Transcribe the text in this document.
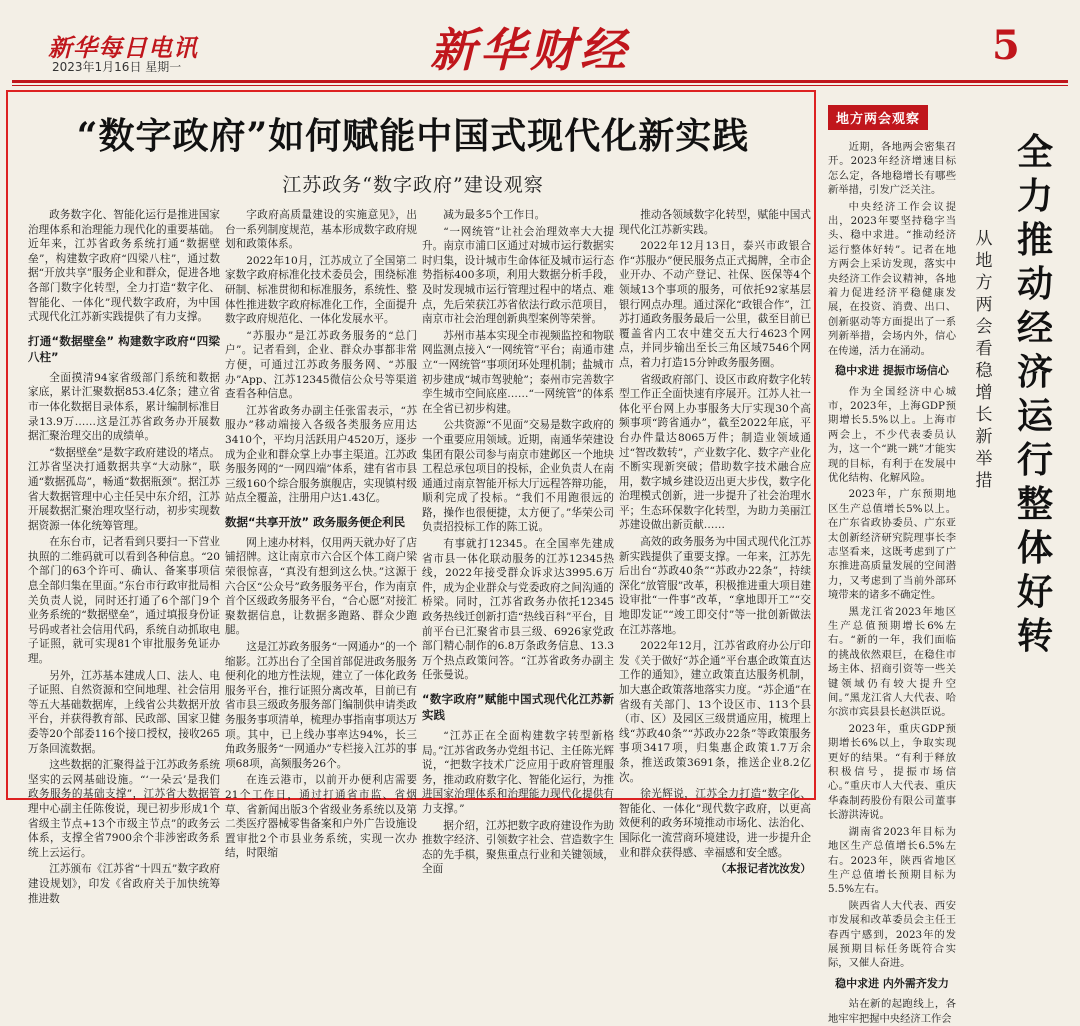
新华每日电讯
2023年1月16日 星期一	新华财经	5
“数字政府”如何赋能中国式现代化新实践
江苏政务“数字政府”建设观察

政务数字化、智能化运行是推进国家治理体系和治理能力现代化的重要基础。近年来，江苏省政务系统打通“数据壁垒”，构建数字政府“四梁八柱”，通过数据“开放共享”服务企业和群众，促进各地各部门数字化转型，全力打造“数字化、智能化、一体化”现代数字政府，为中国式现代化江苏新实践提供了有力支撑。

打通“数据壁垒” 构建数字政府“四梁八柱”

全面摸清94家省级部门系统和数据家底，累计汇聚数据853.4亿条；建立省市一体化数据目录体系，累计编制标准目录13.9万……这是江苏省政务办开展数据汇聚治理交出的成绩单。

“数据壁垒”是数字政府建设的堵点。江苏省坚决打通数据共享“大动脉”，联通“数据孤岛”，畅通“数据瓶颈”。据江苏省大数据管理中心主任吴中东介绍，江苏开展数据汇聚治理攻坚行动，初步实现数据资源一体化统筹管理。

在东台市，记者看到只要扫一下营业执照的二维码就可以看到各种信息。“20个部门的63个许可、确认、备案事项信息全部归集在里面。”东台市行政审批局相关负责人说，同时还打通了6个部门9个业务系统的“数据壁垒”，通过填报身份证号码或者社会信用代码，系统自动抓取电子证照，就可实现81个审批服务免证办理。

另外，江苏基本建成人口、法人、电子证照、自然资源和空间地理、社会信用等五大基础数据库，上线省公共数据开放平台，并获得教育部、民政部、国家卫健委等20个部委116个接口授权，接收265万条回流数据。

这些数据的汇聚得益于江苏政务系统坚实的云网基础设施。“‘一朵云’是我们政务服务的基础支撑”，江苏省大数据管理中心副主任陈俊说，现已初步形成1个省级主节点+13个市级主节点”的政务云体系，支撑全省7900余个非涉密政务系统上云运行。

江苏颁布《江苏省“十四五”数字政府建设规划》，印发《省政府关于加快统筹推进数

字政府高质量建设的实施意见》，出台一系列制度规范，基本形成数字政府规划和政策体系。

2022年10月，江苏成立了全国第二家数字政府标准化技术委员会，围绕标准研制、标准贯彻和标准服务，系统性、整体性推进数字政府标准化工作，全面提升数字政府规范化、一体化发展水平。

“苏服办”是江苏政务服务的“总门户”。记者看到，企业、群众办事都非常方便，可通过江苏政务服务网、“苏服办”App、江苏12345微信公众号等渠道查看各种信息。

江苏省政务办副主任张雷表示，“苏服办”移动端接入各级各类服务应用达3410个，平均月活跃用户4520万，逐步成为企业和群众掌上办事主渠道。江苏政务服务网的“一网四端”体系，建有省市县三级160个综合服务旗舰店，实现镇村级站点全覆盖，注册用户达1.43亿。

数据“共享开放” 政务服务便企利民

网上速办材料，仅用两天就办好了店铺招牌。这让南京市六合区个体工商户梁荣很惊喜，“真没有想到这么快。”这源于六合区“公众号”政务服务平台，作为南京首个区级政务服务平台，“合心愿”对接汇聚数据信息，让数据多跑路、群众少跑腿。

这是江苏政务服务“一网通办”的一个缩影。江苏出台了全国首部促进政务服务便利化的地方性法规，建立了一体化政务服务平台，推行证照分离改革，目前已有省市县三级政务服务部门编制供申请类政务服务事项清单，梳理办事指南事项达万项。其中，已上线办事率达94%，长三角政务服务“一网通办”专栏接入江苏的事项68项，高频服务26个。

在连云港市，以前开办便利店需要21个工作日，通过打通省市监、省烟草、省新闻出版3个省级业务系统以及第二类医疗器械零售备案和户外广告设施设置审批2个市县业务系统，实现一次办结，时限缩

减为最多5个工作日。

“一网统管”让社会治理效率大大提升。南京市浦口区通过对城市运行数据实时归集，设计城市生命体征及城市运行态势指标400多项，利用大数据分析手段，及时发现城市运行管理过程中的堵点、难点，先后荣获江苏省依法行政示范项目，南京市社会治理创新典型案例等荣誉。

苏州市基本实现全市视频监控和物联网监测点接入“一网统管”平台；南通市建立“一网统管”事项闭环处理机制；盐城市初步建成“城市驾驶舱”；泰州市完善数字孪生城市空间底座……“一网统管”的体系在全省已初步构建。

公共资源“不见面”交易是数字政府的一个重要应用领域。近期，南通华荣建设集团有限公司参与南京市建邺区一个地块工程总承包项目的投标，企业负责人在南通通过南京智能开标大厅远程答辩功能，顺利完成了投标。“我们不用跑很远的路，操作也很便捷，太方便了。”华荣公司负责招投标工作的陈工说。

有事就打12345。在全国率先建成省市县一体化联动服务的江苏12345热线，2022年接受群众诉求达3995.6万件，成为企业群众与党委政府之间沟通的桥梁。同时，江苏省政务办依托12345政务热线迁创新打造“热线百科”平台，目前平台已汇聚省市县三级、6926家党政部门精心制作的6.8万条政务信息、13.3万个热点政策问答。“江苏省政务办副主任张曼说。

“数字政府”赋能中国式现代化江苏新实践

“江苏正在全面构建数字转型新格局。”江苏省政务办党组书记、主任陈光辉说，“把数字技术广泛应用于政府管理服务，推动政府数字化、智能化运行，为推进国家治理体系和治理能力现代化提供有力支撑。”

据介绍，江苏把数字政府建设作为助推数字经济、引领数字社会、营造数字生态的先手棋，聚焦重点行业和关键领域，全面

推动各领域数字化转型，赋能中国式现代化江苏新实践。

2022年12月13日，泰兴市政银合作“苏服办”便民服务点正式揭牌，全市企业开办、不动产登记、社保、医保等4个领域13个事项的服务，可依托92家基层银行网点办理。通过深化“政银合作”，江苏打通政务服务最后一公里，截至目前已覆盖省内工农中建交五大行4623个网点，并同步输出至长三角区域7546个网点，着力打造15分钟政务服务圈。

省级政府部门、设区市政府数字化转型工作正全面快速有序展开。江苏人社一体化平台网上办事服务大厅实现30个高频事项“跨省通办”，截至2022年底，平台办件量达8065万件；制造业领域通过“智改数转”，产业数字化、数字产业化不断实现新突破；借助数字技术融合应用，数字城乡建设迈出更大步伐，数字化治理模式创新，进一步提升了社会治理水平；生态环保数字化转型，为助力美丽江苏建设做出新贡献……

高效的政务服务为中国式现代化江苏新实践提供了重要支撑。一年来，江苏先后出台“苏政40条”“苏政办22条”，持续深化“放管服”改革，积极推进重大项目建设审批“一件事”改革，“拿地即开工”“交地即发证”“竣工即交付”等一批创新做法在江苏落地。

2022年12月，江苏省政府办公厅印发《关于做好“苏企通”平台惠企政策直达工作的通知》，建立政策直达服务机制，加大惠企政策落地落实力度。“苏企通”在省级有关部门、13个设区市、113个县（市、区）及园区三级贯通应用，梳理上线“苏政40条”“苏政办22条”等政策服务事项3417项，归集惠企政策1.7万余条，推送政策3691条，推送企业8.2亿次。

徐光辉说，江苏全力打造“数字化、智能化、一体化”现代数字政府，以更高效便利的政务环境推动市场化、法治化、国际化一流营商环境建设，进一步提升企业和群众获得感、幸福感和安全感。

（本报记者沈汝发）

地方两会观察
全力推动经济运行整体好转
从地方两会看稳增长新举措

近期，各地两会密集召开。2023年经济增速目标怎么定，各地稳增长有哪些新举措，引发广泛关注。

中央经济工作会议提出，2023年要坚持稳字当头、稳中求进。“推动经济运行整体好转”。记者在地方两会上采访发现，落实中央经济工作会议精神，各地着力促进经济平稳健康发展，在投资、消费、出口、创新驱动等方面提出了一系列新举措，会场内外，信心在传递，活力在涌动。

稳中求进 提振市场信心

作为全国经济中心城市，2023年，上海GDP预期增长5.5%以上。上海市两会上，不少代表委员认为，这一个“跳一跳”才能实现的目标，有利于在发展中优化结构、化解风险。

2023年，广东预期地区生产总值增长5%以上。在广东省政协委员、广东亚太创新经济研究院理事长李志坚看来，这既考虑到了广东推进高质量发展的空间潜力，又考虑到了当前外部环境带来的诸多不确定性。

黑龙江省2023年地区生产总值预期增长6%左右。“新的一年，我们面临的挑战依然艰巨，在稳住市场主体、招商引资等一些关键领域仍有较大提升空间。”黑龙江省人大代表、哈尔滨市宾县县长赵洪臣说。

2023年，重庆GDP预期增长6%以上，争取实现更好的结果。“有利于释放积极信号，提振市场信心。”重庆市人大代表、重庆华森制药股份有限公司董事长游洪涛说。

湖南省2023年目标为地区生产总值增长6.5%左右。2023年，陕西省地区生产总值增长预期目标为5.5%左右。

陕西省人大代表、西安市发展和改革委员会主任王春西宁感到，2023年的发展预期目标任务既符合实际，又催人奋进。

稳中求进 内外需齐发力

站在新的起跑线上，各地牢牢把握中央经济工作会
